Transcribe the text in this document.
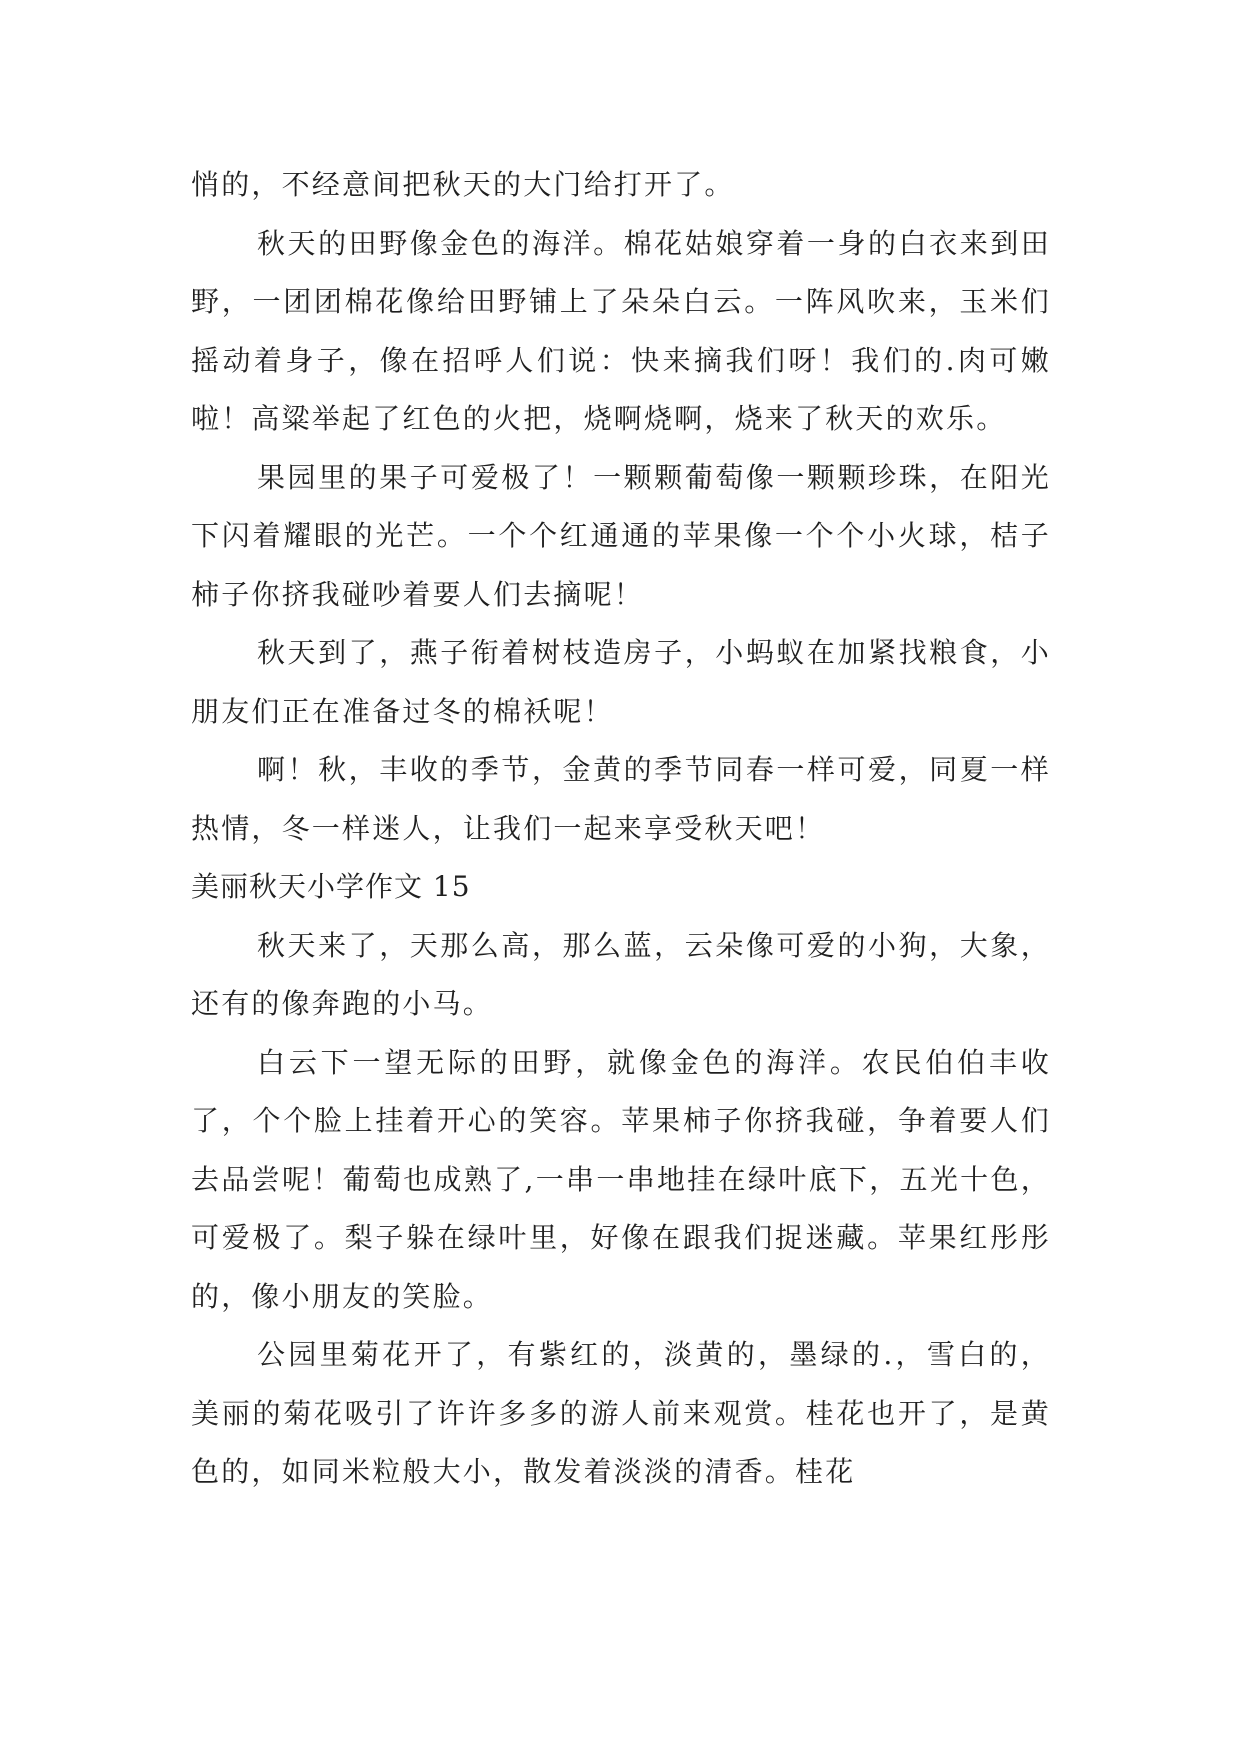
悄的，不经意间把秋天的大门给打开了。

秋天的田野像金色的海洋。棉花姑娘穿着一身的白衣来到田野，一团团棉花像给田野铺上了朵朵白云。一阵风吹来，玉米们摇动着身子，像在招呼人们说：快来摘我们呀！我们的.肉可嫩啦！高粱举起了红色的火把，烧啊烧啊，烧来了秋天的欢乐。

果园里的果子可爱极了！一颗颗葡萄像一颗颗珍珠，在阳光下闪着耀眼的光芒。一个个红通通的苹果像一个个小火球，桔子柿子你挤我碰吵着要人们去摘呢！

秋天到了，燕子衔着树枝造房子，小蚂蚁在加紧找粮食，小朋友们正在准备过冬的棉袄呢！

啊！秋，丰收的季节，金黄的季节同春一样可爱，同夏一样热情，冬一样迷人，让我们一起来享受秋天吧！

美丽秋天小学作文 15

秋天来了，天那么高，那么蓝，云朵像可爱的小狗，大象，还有的像奔跑的小马。

白云下一望无际的田野，就像金色的海洋。农民伯伯丰收了，个个脸上挂着开心的笑容。苹果柿子你挤我碰，争着要人们去品尝呢！葡萄也成熟了,一串一串地挂在绿叶底下，五光十色，可爱极了。梨子躲在绿叶里，好像在跟我们捉迷藏。苹果红彤彤的，像小朋友的笑脸。

公园里菊花开了，有紫红的，淡黄的，墨绿的.，雪白的，美丽的菊花吸引了许许多多的游人前来观赏。桂花也开了，是黄色的，如同米粒般大小，散发着淡淡的清香。桂花
